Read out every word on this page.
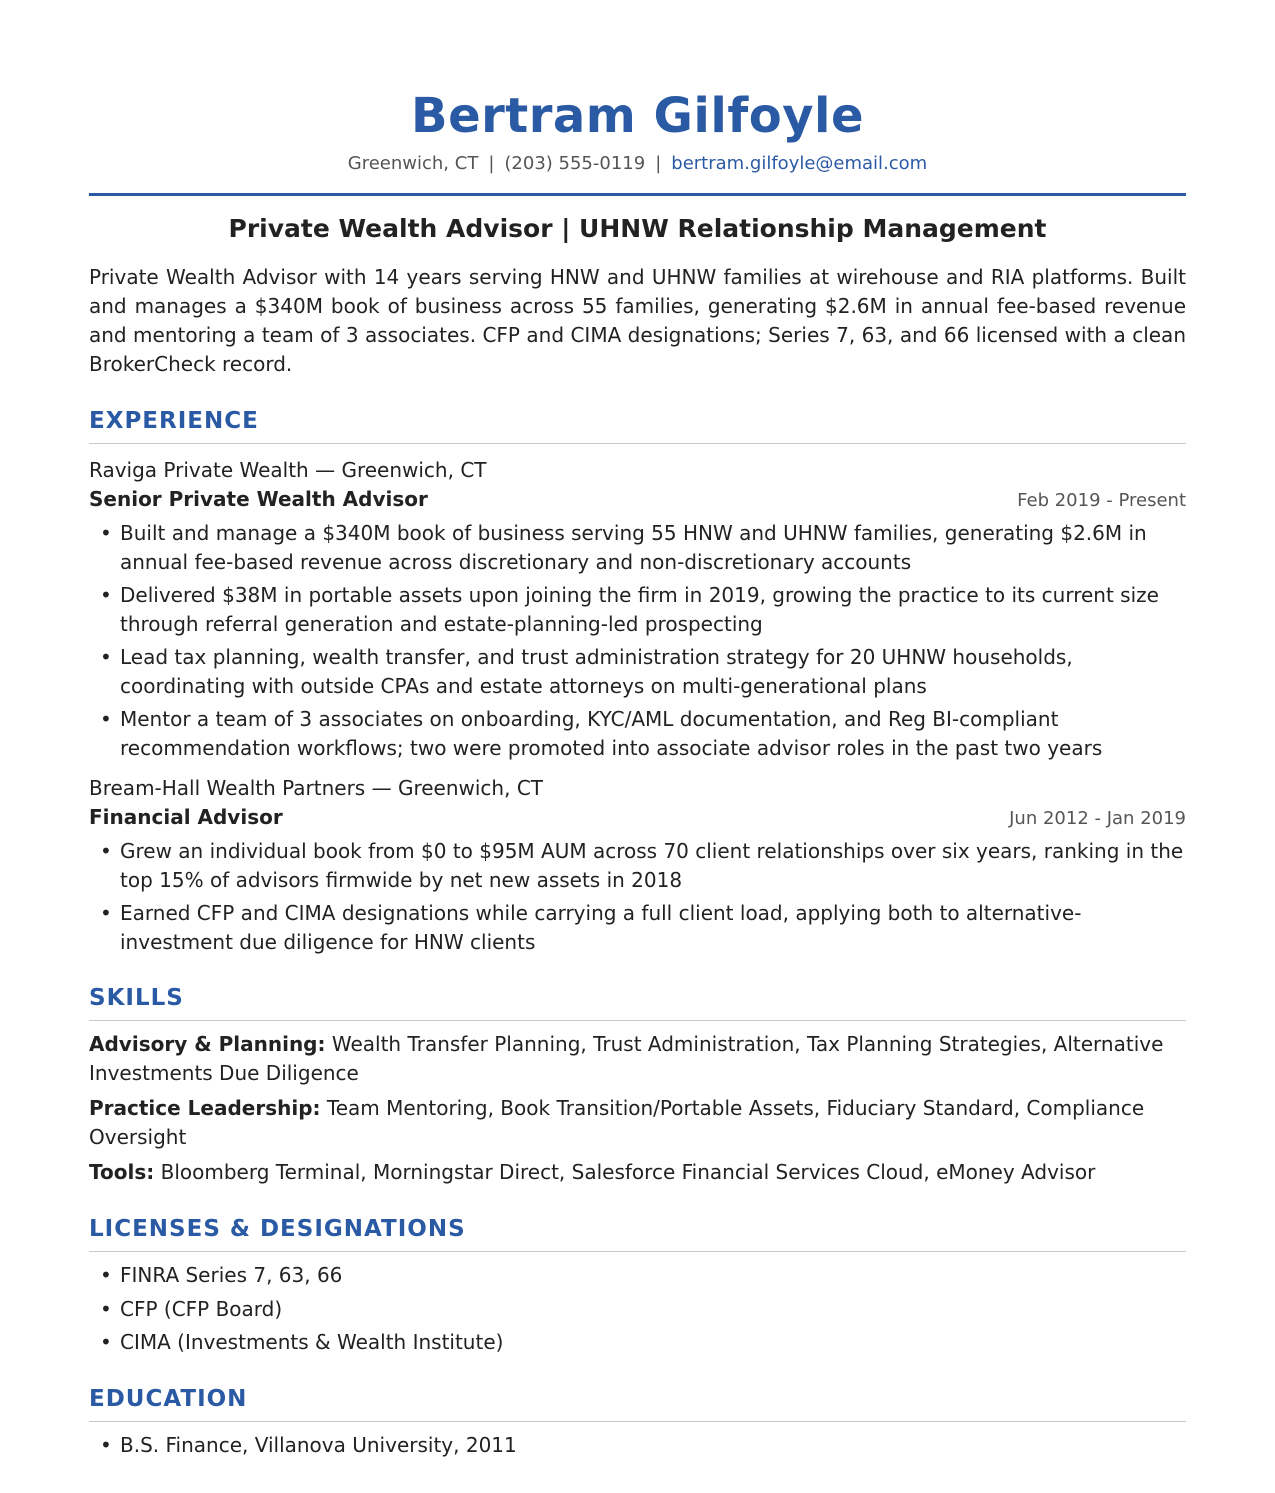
Bertram Gilfoyle
Greenwich, CT | (203) 555-0119 | bertram.gilfoyle@email.com
Private Wealth Advisor | UHNW Relationship Management
Private Wealth Advisor with 14 years serving HNW and UHNW families at wirehouse and RIA platforms. Built and manages a $340M book of business across 55 families, generating $2.6M in annual fee-based revenue and mentoring a team of 3 associates. CFP and CIMA designations; Series 7, 63, and 66 licensed with a clean BrokerCheck record.
EXPERIENCE
Raviga Private Wealth — Greenwich, CT
Senior Private Wealth Advisor	Feb 2019 - Present
• Built and manage a $340M book of business serving 55 HNW and UHNW families, generating $2.6M in annual fee-based revenue across discretionary and non-discretionary accounts
• Delivered $38M in portable assets upon joining the firm in 2019, growing the practice to its current size through referral generation and estate-planning-led prospecting
• Lead tax planning, wealth transfer, and trust administration strategy for 20 UHNW households, coordinating with outside CPAs and estate attorneys on multi-generational plans
• Mentor a team of 3 associates on onboarding, KYC/AML documentation, and Reg BI-compliant recommendation workflows; two were promoted into associate advisor roles in the past two years
Bream-Hall Wealth Partners — Greenwich, CT
Financial Advisor	Jun 2012 - Jan 2019
• Grew an individual book from $0 to $95M AUM across 70 client relationships over six years, ranking in the top 15% of advisors firmwide by net new assets in 2018
• Earned CFP and CIMA designations while carrying a full client load, applying both to alternative-investment due diligence for HNW clients
SKILLS
Advisory & Planning: Wealth Transfer Planning, Trust Administration, Tax Planning Strategies, Alternative Investments Due Diligence
Practice Leadership: Team Mentoring, Book Transition/Portable Assets, Fiduciary Standard, Compliance Oversight
Tools: Bloomberg Terminal, Morningstar Direct, Salesforce Financial Services Cloud, eMoney Advisor
LICENSES & DESIGNATIONS
• FINRA Series 7, 63, 66
• CFP (CFP Board)
• CIMA (Investments & Wealth Institute)
EDUCATION
• B.S. Finance, Villanova University, 2011
